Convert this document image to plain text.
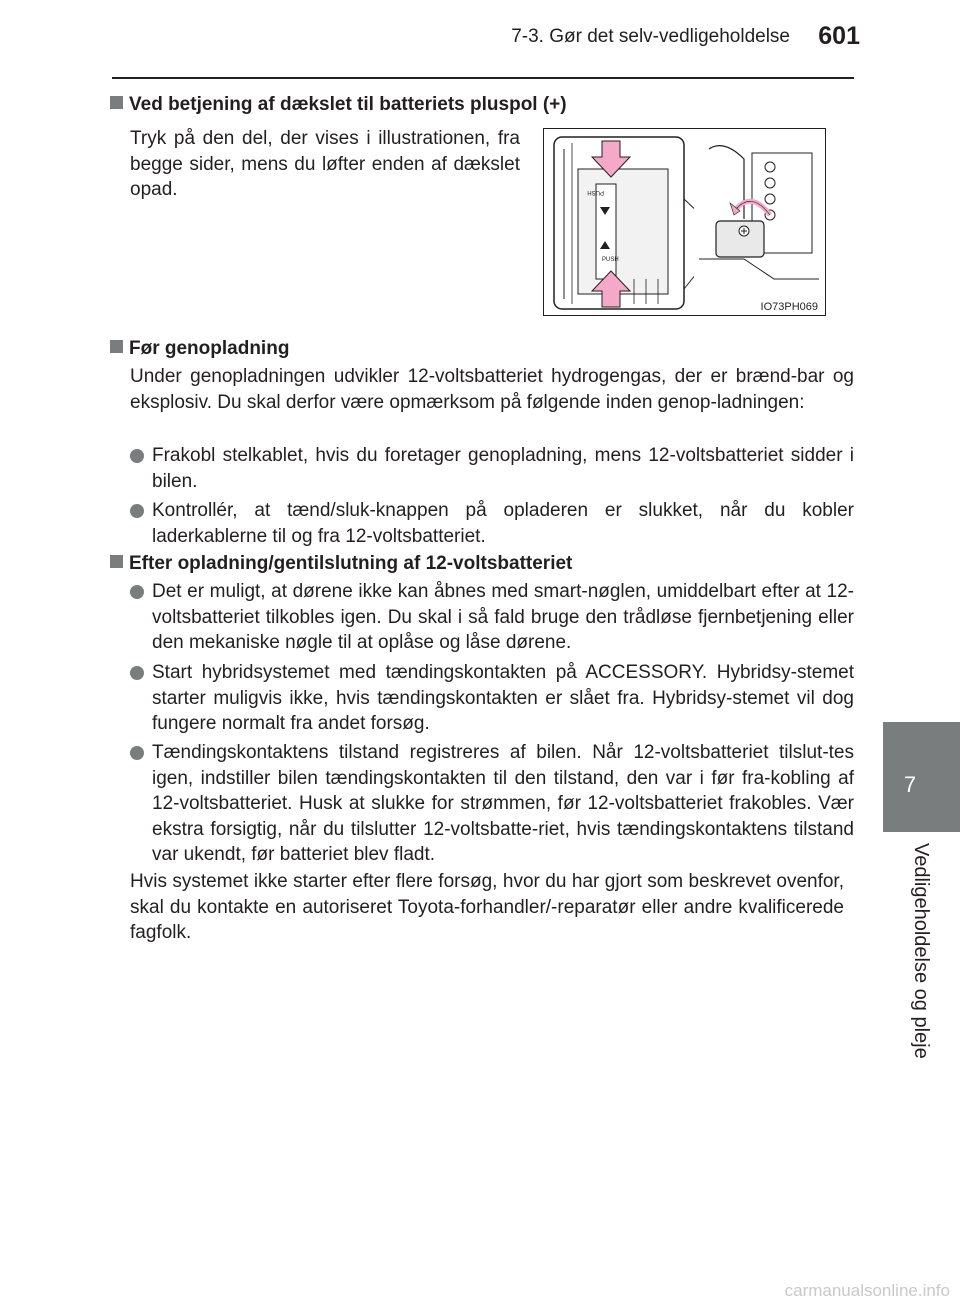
7-3. Gør det selv-vedligeholdelse	601
7
Vedligeholdelse og pleje
Ved betjening af dækslet til batteriets pluspol (+)
Tryk på den del, der vises i illustrationen, fra begge sider, mens du løfter enden af dækslet opad.
PUSH
PUSH
IO73PH069
Før genopladning
Under genopladningen udvikler 12-voltsbatteriet hydrogengas, der er brænd-bar og eksplosiv. Du skal derfor være opmærksom på følgende inden genop-ladningen:
Frakobl stelkablet, hvis du foretager genopladning, mens 12-voltsbatteriet sidder i bilen.
Kontrollér, at tænd/sluk-knappen på opladeren er slukket, når du kobler laderkablerne til og fra 12-voltsbatteriet.
Efter opladning/gentilslutning af 12-voltsbatteriet
Det er muligt, at dørene ikke kan åbnes med smart-nøglen, umiddelbart efter at 12-voltsbatteriet tilkobles igen. Du skal i så fald bruge den trådløse fjernbetjening eller den mekaniske nøgle til at oplåse og låse dørene.
Start hybridsystemet med tændingskontakten på ACCESSORY. Hybridsy-stemet starter muligvis ikke, hvis tændingskontakten er slået fra. Hybridsy-stemet vil dog fungere normalt fra andet forsøg.
Tændingskontaktens tilstand registreres af bilen. Når 12-voltsbatteriet tilslut-tes igen, indstiller bilen tændingskontakten til den tilstand, den var i før fra-kobling af 12-voltsbatteriet. Husk at slukke for strømmen, før 12-voltsbatteriet frakobles. Vær ekstra forsigtig, når du tilslutter 12-voltsbatte-riet, hvis tændingskontaktens tilstand var ukendt, før batteriet blev fladt.
Hvis systemet ikke starter efter flere forsøg, hvor du har gjort som beskrevet ovenfor, skal du kontakte en autoriseret Toyota-forhandler/-reparatør eller andre kvalificerede fagfolk.
carmanualsonline.info
